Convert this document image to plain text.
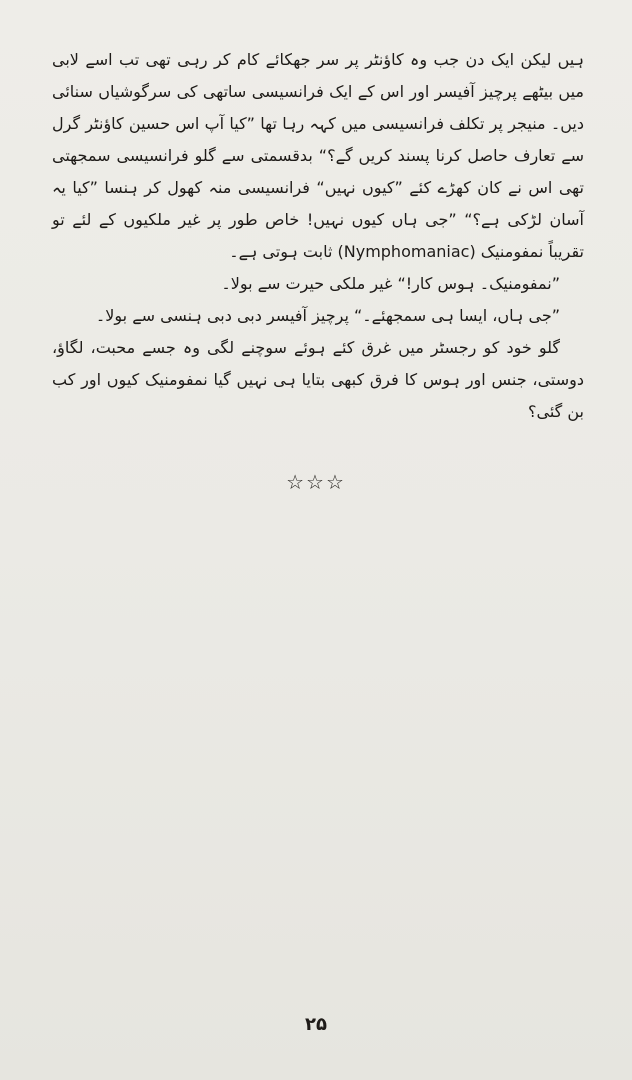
ہیں لیکن ایک دن جب وہ کاؤنٹر پر سر جھکائے کام کر رہی تھی تب اسے لابی میں بیٹھے پرچیز آفیسر اور اس کے ایک فرانسیسی ساتھی کی سرگوشیاں سنائی دیں۔ منیجر پر تکلف فرانسیسی میں کہہ رہا تھا ”کیا آپ اس حسین کاؤنٹر گرل سے تعارف حاصل کرنا پسند کریں گے؟“ بدقسمتی سے گلو فرانسیسی سمجھتی تھی اس نے کان کھڑے کئے ”کیوں نہیں“ فرانسیسی منہ کھول کر ہنسا ”کیا یہ آسان لڑکی ہے؟“ ”جی ہاں کیوں نہیں! خاص طور پر غیر ملکیوں کے لئے تو تقریباً نمفومنیک (Nymphomaniac) ثابت ہوتی ہے۔

”نمفومنیک۔ ہوس کار!“ غیر ملکی حیرت سے بولا۔

”جی ہاں، ایسا ہی سمجھئے۔“ پرچیز آفیسر دبی دبی ہنسی سے بولا۔

گلو خود کو رجسٹر میں غرق کئے ہوئے سوچنے لگی وہ جسے محبت، لگاؤ، دوستی، جنس اور ہوس کا فرق کبھی بتایا ہی نہیں گیا نمفومنیک کیوں اور کب بن گئی؟

☆☆☆
۲۵
